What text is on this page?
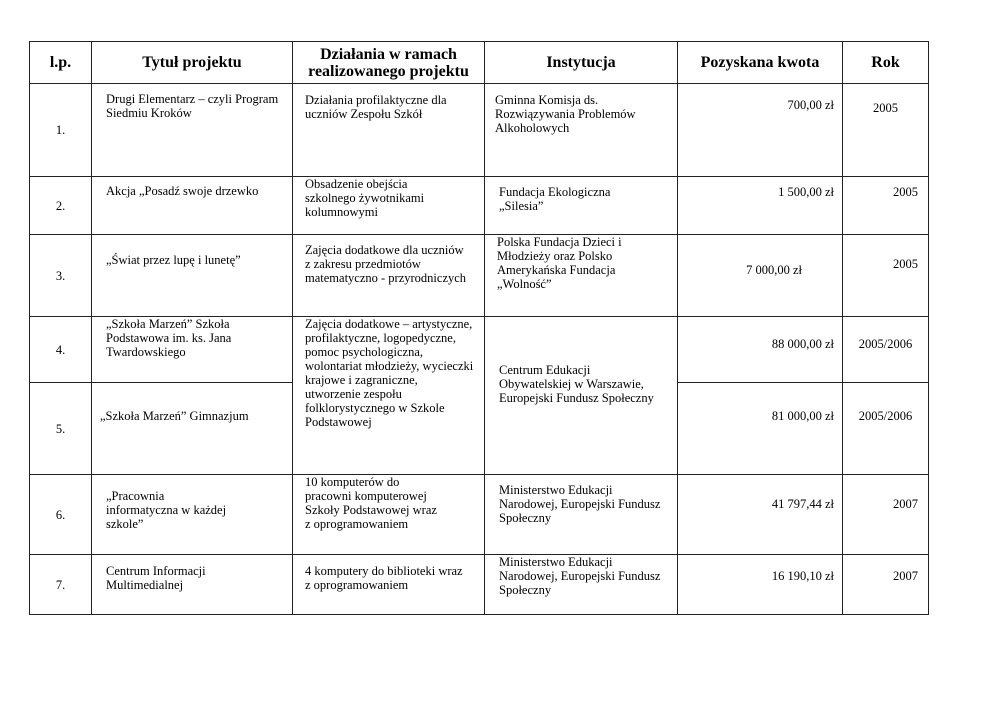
l.p.	Tytuł projektu	Działania w ramach realizowanego projektu	Instytucja	Pozyskana kwota	Rok
1.	Drugi Elementarz – czyli Program Siedmiu Kroków	Działania profilaktyczne dla uczniów Zespołu Szkół	Gminna Komisja ds. Rozwiązywania Problemów Alkoholowych	700,00 zł	2005

2.	Akcja „Posadź swoje drzewko	Obsadzenie obejścia szkolnego żywotnikami kolumnowymi	Fundacja Ekologiczna „Silesia”	1 500,00 zł	2005

3.	„Świat przez lupę i lunetę”	Zajęcia dodatkowe dla uczniów z zakresu przedmiotów matematyczno - przyrodniczych	Polska Fundacja Dzieci i Młodzieży oraz Polsko Amerykańska Fundacja „Wolność”	7 000,00 zł	2005

4.	„Szkoła Marzeń” Szkoła Podstawowa im. ks. Jana Twardowskiego	Zajęcia dodatkowe – artystyczne, profilaktyczne, logopedyczne, pomoc psychologiczna, wolontariat młodzieży, wycieczki krajowe i zagraniczne, utworzenie zespołu folklorystycznego w Szkole Podstawowej	Centrum Edukacji Obywatelskiej w Warszawie, Europejski Fundusz Społeczny	88 000,00 zł	2005/2006

5.	„Szkoła Marzeń” Gimnazjum			81 000,00 zł	2005/2006

6.	„Pracownia informatyczna w każdej szkole”	10 komputerów do pracowni komputerowej Szkoły Podstawowej wraz z oprogramowaniem	Ministerstwo Edukacji Narodowej, Europejski Fundusz Społeczny	41 797,44 zł	2007

7.	Centrum Informacji Multimedialnej	4 komputery do biblioteki wraz z oprogramowaniem	Ministerstwo Edukacji Narodowej, Europejski Fundusz Społeczny	16 190,10 zł	2007
